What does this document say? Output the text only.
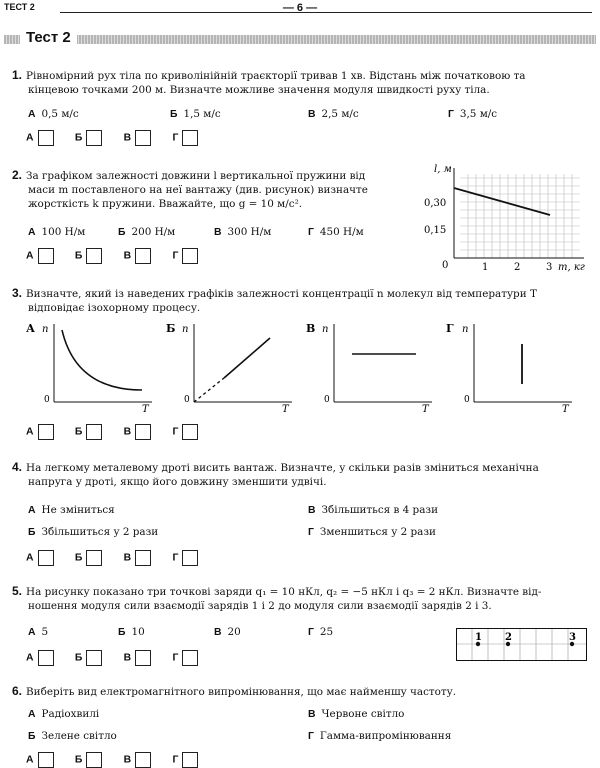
ТЕСТ 2	— 6 —
Тест 2
1. Рівномірний рух тіла по криволінійній траєкторії тривав 1 хв. Відстань між початковою та
кінцевою точками 200 м. Визначте можливе значення модуля швидкості руху тіла.
А 0,5 м/с	Б 1,5 м/с	В 2,5 м/с	Г 3,5 м/с
А	Б	В	Г
2. За графіком залежності довжини l вертикальної пружини від
маси m поставленого на неї вантажу (див. рисунок) визначте
жорсткість k пружини. Вважайте, що g = 10 м/с².
А 100 Н/м	Б 200 Н/м	В 300 Н/м	Г 450 Н/м
А	Б	В	Г
l, м
0,30
0,15
0	1	2	3 m, кг
3. Визначте, який із наведених графіків залежності концентрації n молекул від температури T
відповідає ізохорному процесу.
А n
0
T
Б n
0
T
В n
0
T
Г n
0
T
А	Б	В	Г
4. На легкому металевому дроті висить вантаж. Визначте, у скільки разів зміниться механічна
напруга у дроті, якщо його довжину зменшити удвічі.
А Не зміниться	В Збільшиться в 4 рази
Б Збільшиться у 2 рази	Г Зменшиться у 2 рази
А	Б	В	Г
5. На рисунку показано три точкові заряди q₁ = 10 нКл, q₂ = −5 нКл і q₃ = 2 нКл. Визначте від-
ношення модуля сили взаємодії зарядів 1 і 2 до модуля сили взаємодії зарядів 2 і 3.
А 5	Б 10	В 20	Г 25
А	Б	В	Г
1 2	3
6. Виберіть вид електромагнітного випромінювання, що має найменшу частоту.
А Радіохвилі	В Червоне світло
Б Зелене світло	Г Гамма-випромінювання
А	Б	В	Г
